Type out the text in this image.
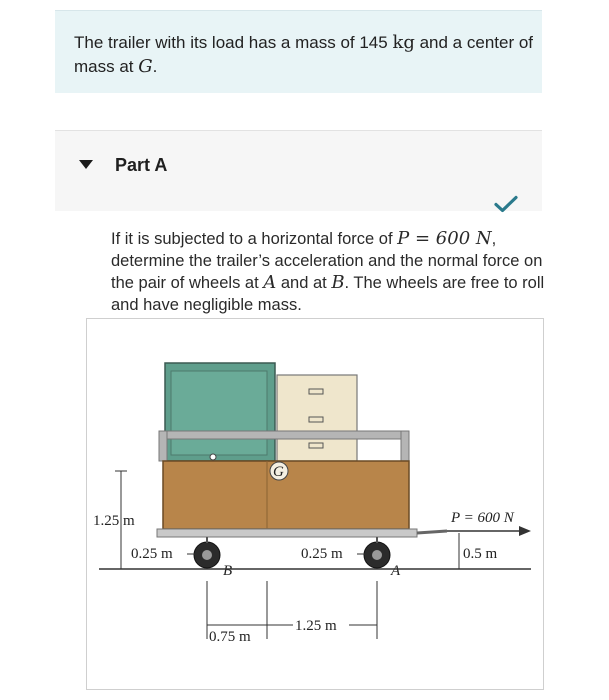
The trailer with its load has a mass of 145 kg and a center of mass at G.
Part A
If it is subjected to a horizontal force of P = 600 N, determine the trailer’s acceleration and the normal force on the pair of wheels at A and at B. The wheels are free to roll and have negligible mass.
G
B	A
1.25 m	P = 600 N
0.5 m
0.25 m	0.25 m
0.75 m
1.25 m
